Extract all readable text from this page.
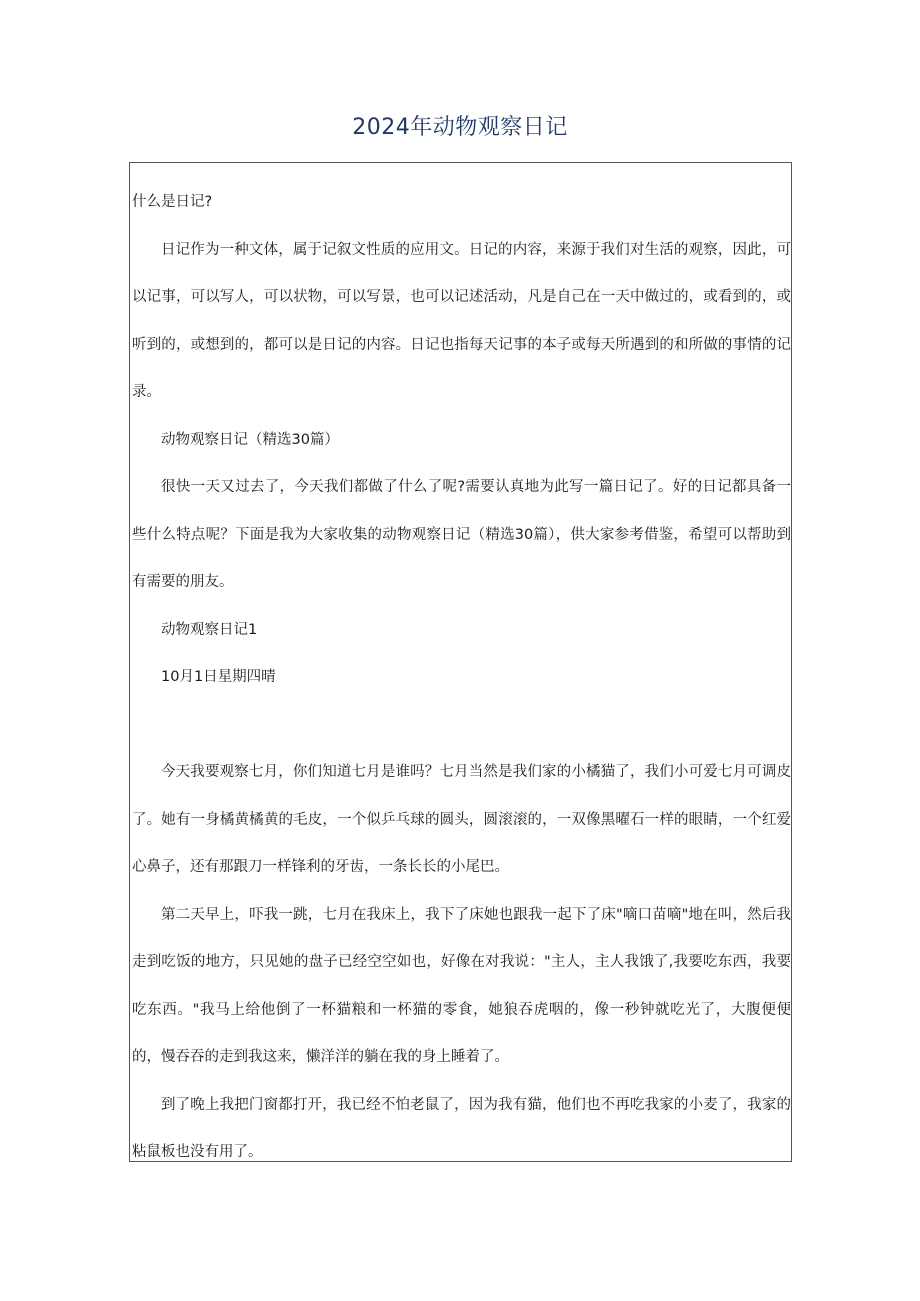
2024年动物观察日记

什么是日记?

日记作为一种文体，属于记叙文性质的应用文。日记的内容，来源于我们对生活的观察，因此，可以记事，可以写人，可以状物，可以写景，也可以记述活动，凡是自己在一天中做过的，或看到的，或听到的，或想到的，都可以是日记的内容。日记也指每天记事的本子或每天所遇到的和所做的事情的记录。

动物观察日记（精选30篇）

很快一天又过去了，今天我们都做了什么了呢?需要认真地为此写一篇日记了。好的日记都具备一些什么特点呢？下面是我为大家收集的动物观察日记（精选30篇），供大家参考借鉴，希望可以帮助到有需要的朋友。

动物观察日记1

10月1日星期四晴

今天我要观察七月，你们知道七月是谁吗？七月当然是我们家的小橘猫了，我们小可爱七月可调皮了。她有一身橘黄橘黄的毛皮，一个似乒乓球的圆头，圆滚滚的，一双像黑曜石一样的眼睛，一个红爱心鼻子，还有那跟刀一样锋利的牙齿，一条长长的小尾巴。

第二天早上，吓我一跳，七月在我床上，我下了床她也跟我一起下了床"嘀口苗嘀"地在叫，然后我走到吃饭的地方，只见她的盘子已经空空如也，好像在对我说："主人，主人我饿了,我要吃东西，我要吃东西。"我马上给他倒了一杯猫粮和一杯猫的零食，她狼吞虎咽的，像一秒钟就吃光了，大腹便便的，慢吞吞的走到我这来，懒洋洋的躺在我的身上睡着了。

到了晚上我把门窗都打开，我已经不怕老鼠了，因为我有猫，他们也不再吃我家的小麦了，我家的粘鼠板也没有用了。
